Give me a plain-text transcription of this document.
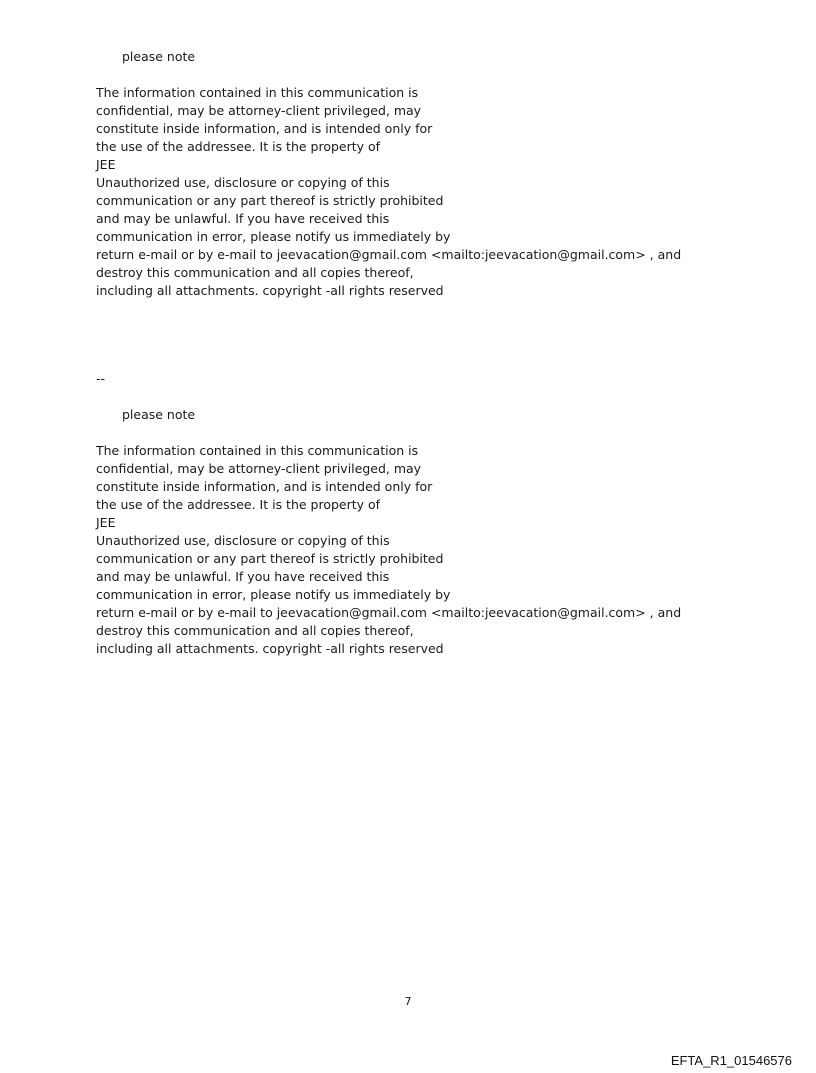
please note

The information contained in this communication is
confidential, may be attorney-client privileged, may
constitute inside information, and is intended only for
the use of the addressee. It is the property of
JEE
Unauthorized use, disclosure or copying of this
communication or any part thereof is strictly prohibited
and may be unlawful. If you have received this
communication in error, please notify us immediately by
return e-mail or by e-mail to jeevacation@gmail.com <mailto:jeevacation@gmail.com> , and
destroy this communication and all copies thereof,
including all attachments. copyright -all rights reserved
--

please note

The information contained in this communication is
confidential, may be attorney-client privileged, may
constitute inside information, and is intended only for
the use of the addressee. It is the property of
JEE
Unauthorized use, disclosure or copying of this
communication or any part thereof is strictly prohibited
and may be unlawful. If you have received this
communication in error, please notify us immediately by
return e-mail or by e-mail to jeevacation@gmail.com <mailto:jeevacation@gmail.com> , and
destroy this communication and all copies thereof,
including all attachments. copyright -all rights reserved
7
EFTA_R1_01546576
